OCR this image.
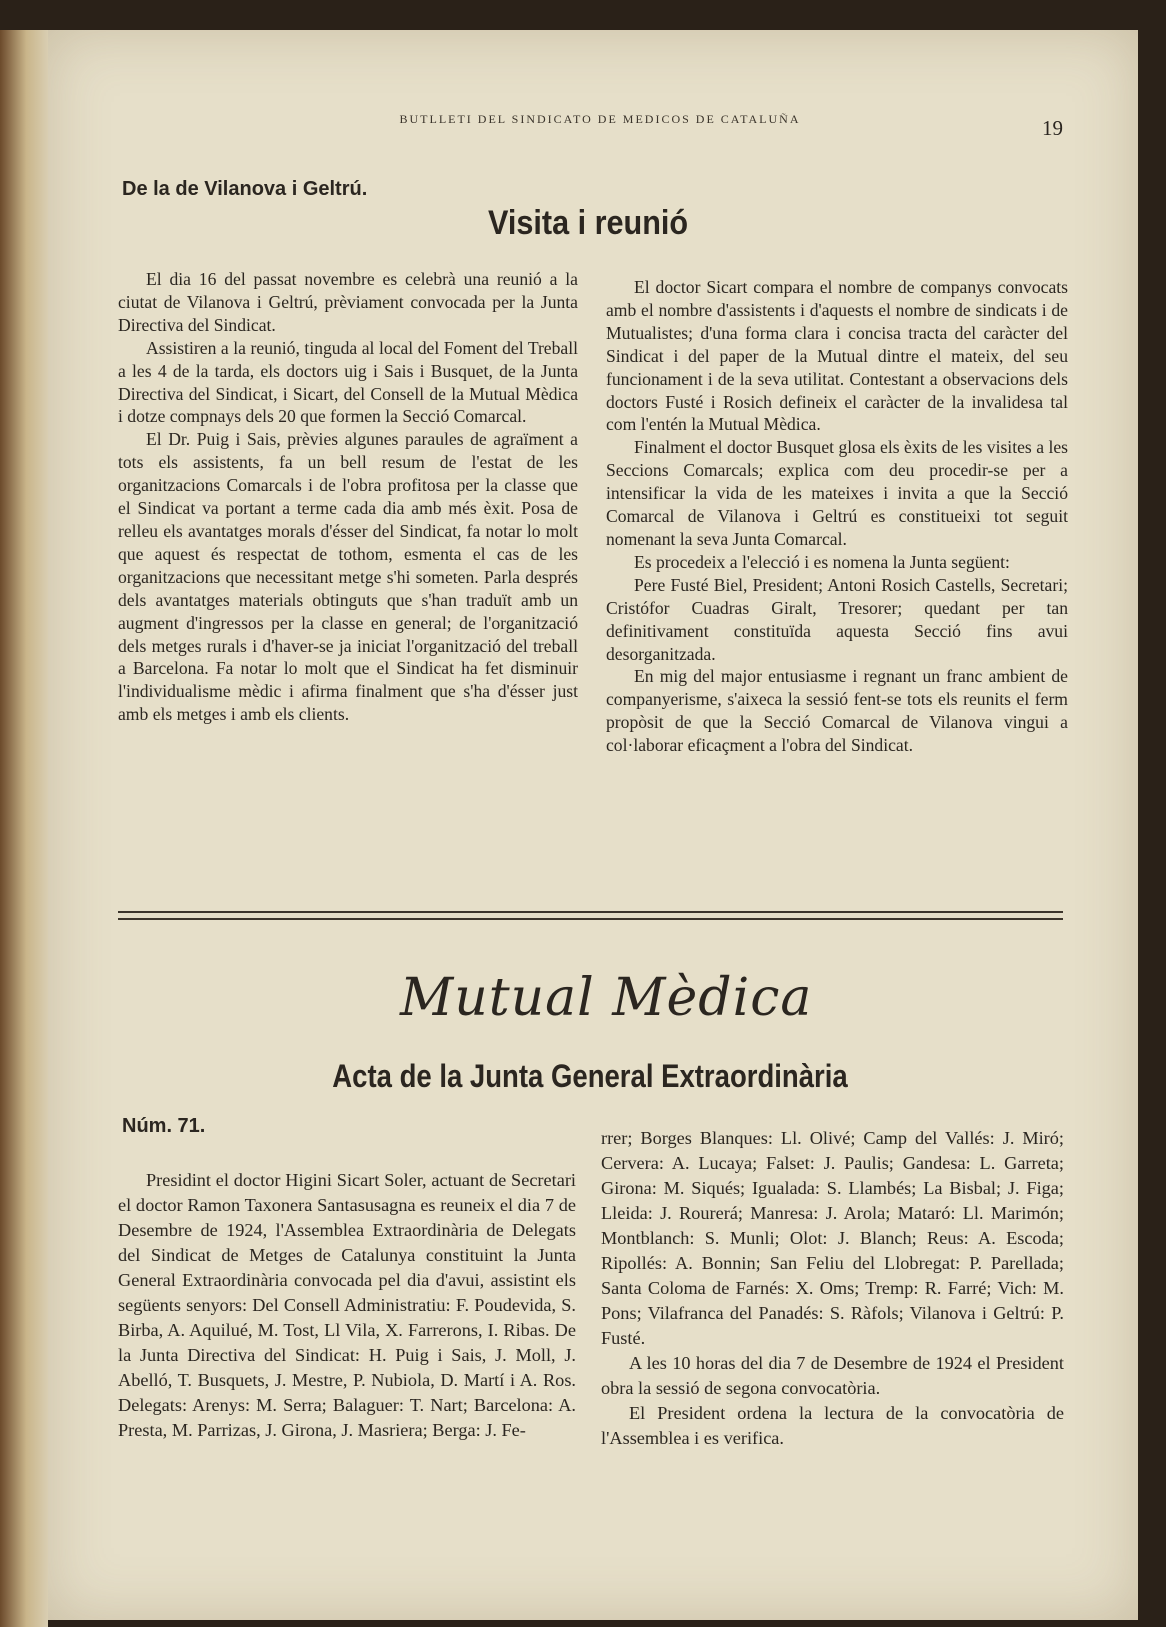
BUTLLETI DEL SINDICATO DE MEDICOS DE CATALUÑA	19
De la de Vilanova i Geltrú.
Visita i reunió

El dia 16 del passat novembre es celebrà una reunió a la ciutat de Vilanova i Geltrú, prèviament convocada per la Junta Directiva del Sindicat.

Assistiren a la reunió, tinguda al local del Foment del Treball a les 4 de la tarda, els doctors uig i Sais i Busquet, de la Junta Directiva del Sindicat, i Sicart, del Consell de la Mutual Mèdica i dotze compnays dels 20 que formen la Secció Comarcal.

El Dr. Puig i Sais, prèvies algunes paraules de agraïment a tots els assistents, fa un bell resum de l'estat de les organitzacions Comarcals i de l'obra profitosa per la classe que el Sindicat va portant a terme cada dia amb més èxit. Posa de relleu els avantatges morals d'ésser del Sindicat, fa notar lo molt que aquest és respectat de tothom, esmenta el cas de les organitzacions que necessitant metge s'hi someten. Parla després dels avantatges materials obtinguts que s'han traduït amb un augment d'ingressos per la classe en general; de l'organització dels metges rurals i d'haver-se ja iniciat l'organització del treball a Barcelona. Fa notar lo molt que el Sindicat ha fet disminuir l'individualisme mèdic i afirma finalment que s'ha d'ésser just amb els metges i amb els clients.

El doctor Sicart compara el nombre de companys convocats amb el nombre d'assistents i d'aquests el nombre de sindicats i de Mutualistes; d'una forma clara i concisa tracta del caràcter del Sindicat i del paper de la Mutual dintre el mateix, del seu funcionament i de la seva utilitat. Contestant a observacions dels doctors Fusté i Rosich defineix el caràcter de la invalidesa tal com l'entén la Mutual Mèdica.

Finalment el doctor Busquet glosa els èxits de les visites a les Seccions Comarcals; explica com deu procedir-se per a intensificar la vida de les mateixes i invita a que la Secció Comarcal de Vilanova i Geltrú es constitueixi tot seguit nomenant la seva Junta Comarcal.

Es procedeix a l'elecció i es nomena la Junta següent:

Pere Fusté Biel, President; Antoni Rosich Castells, Secretari; Cristófor Cuadras Giralt, Tresorer; quedant per tan definitivament constituïda aquesta Secció fins avui desorganitzada.

En mig del major entusiasme i regnant un franc ambient de companyerisme, s'aixeca la sessió fent-se tots els reunits el ferm propòsit de que la Secció Comarcal de Vilanova vingui a col·laborar eficaçment a l'obra del Sindicat.

Mutual Mèdica
Acta de la Junta General Extraordinària
Núm. 71.

Presidint el doctor Higini Sicart Soler, actuant de Secretari el doctor Ramon Taxonera Santasusagna es reuneix el dia 7 de Desembre de 1924, l'Assemblea Extraordinària de Delegats del Sindicat de Metges de Catalunya constituint la Junta General Extraordinària convocada pel dia d'avui, assistint els següents senyors: Del Consell Administratiu: F. Poudevida, S. Birba, A. Aquilué, M. Tost, Ll Vila, X. Farrerons, I. Ribas. De la Junta Directiva del Sindicat: H. Puig i Sais, J. Moll, J. Abelló, T. Busquets, J. Mestre, P. Nubiola, D. Martí i A. Ros. Delegats: Arenys: M. Serra; Balaguer: T. Nart; Barcelona: A. Presta, M. Parrizas, J. Girona, J. Masriera; Berga: J. Fe-

rrer; Borges Blanques: Ll. Olivé; Camp del Vallés: J. Miró; Cervera: A. Lucaya; Falset: J. Paulis; Gandesa: L. Garreta; Girona: M. Siqués; Igualada: S. Llambés; La Bisbal; J. Figa; Lleida: J. Rourerá; Manresa: J. Arola; Mataró: Ll. Marimón; Montblanch: S. Munli; Olot: J. Blanch; Reus: A. Escoda; Ripollés: A. Bonnin; San Feliu del Llobregat: P. Parellada; Santa Coloma de Farnés: X. Oms; Tremp: R. Farré; Vich: M. Pons; Vilafranca del Panadés: S. Ràfols; Vilanova i Geltrú: P. Fusté.

A les 10 horas del dia 7 de Desembre de 1924 el President obra la sessió de segona convocatòria.

El President ordena la lectura de la convocatòria de l'Assemblea i es verifica.
